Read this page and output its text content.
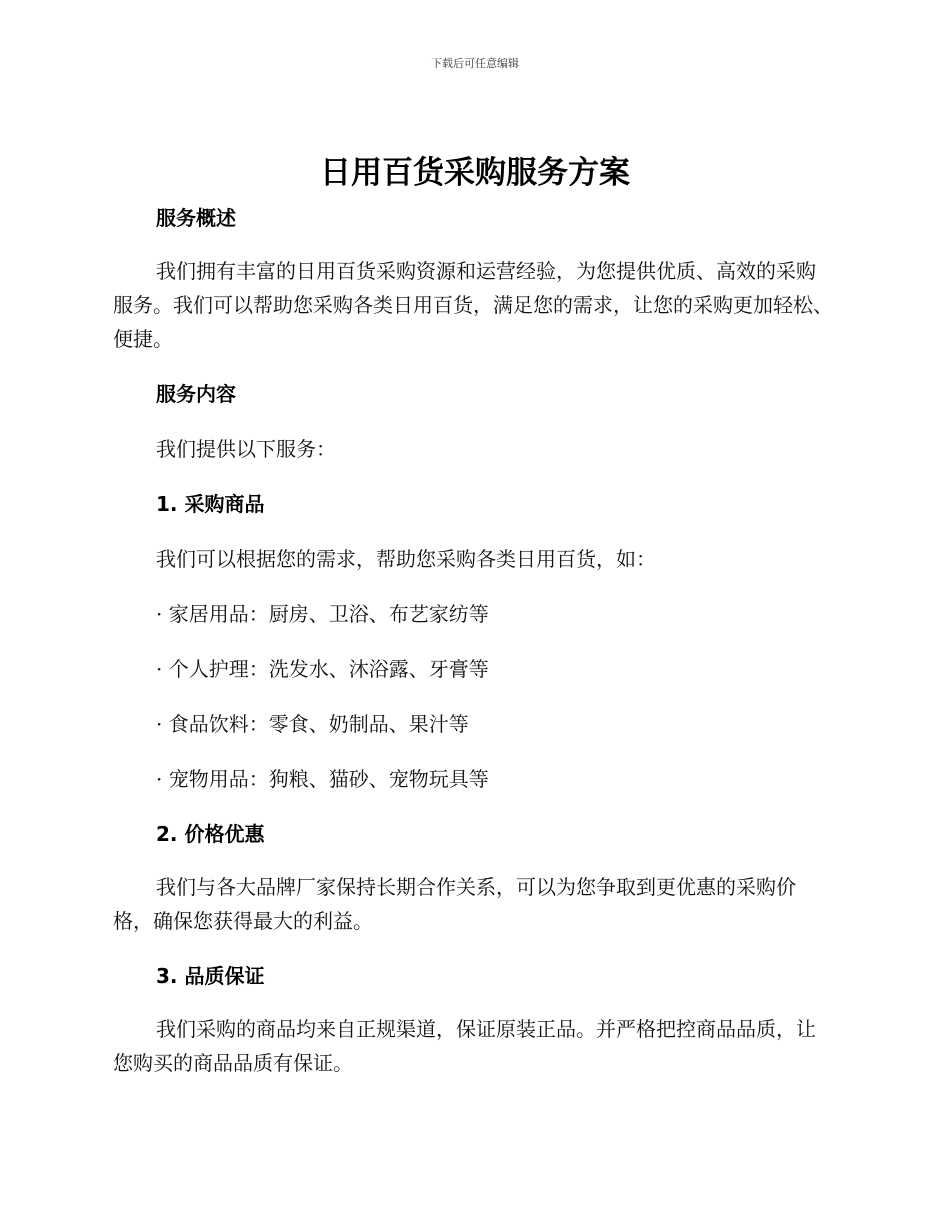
下载后可任意编辑
日用百货采购服务方案

服务概述

我们拥有丰富的日用百货采购资源和运营经验，为您提供优质、高效的采购服务。我们可以帮助您采购各类日用百货，满足您的需求，让您的采购更加轻松、便捷。

服务内容

我们提供以下服务：

1. 采购商品

我们可以根据您的需求，帮助您采购各类日用百货，如：

· 家居用品：厨房、卫浴、布艺家纺等

· 个人护理：洗发水、沐浴露、牙膏等

· 食品饮料：零食、奶制品、果汁等

· 宠物用品：狗粮、猫砂、宠物玩具等

2. 价格优惠

我们与各大品牌厂家保持长期合作关系，可以为您争取到更优惠的采购价格，确保您获得最大的利益。

3. 品质保证

我们采购的商品均来自正规渠道，保证原装正品。并严格把控商品品质，让您购买的商品品质有保证。
